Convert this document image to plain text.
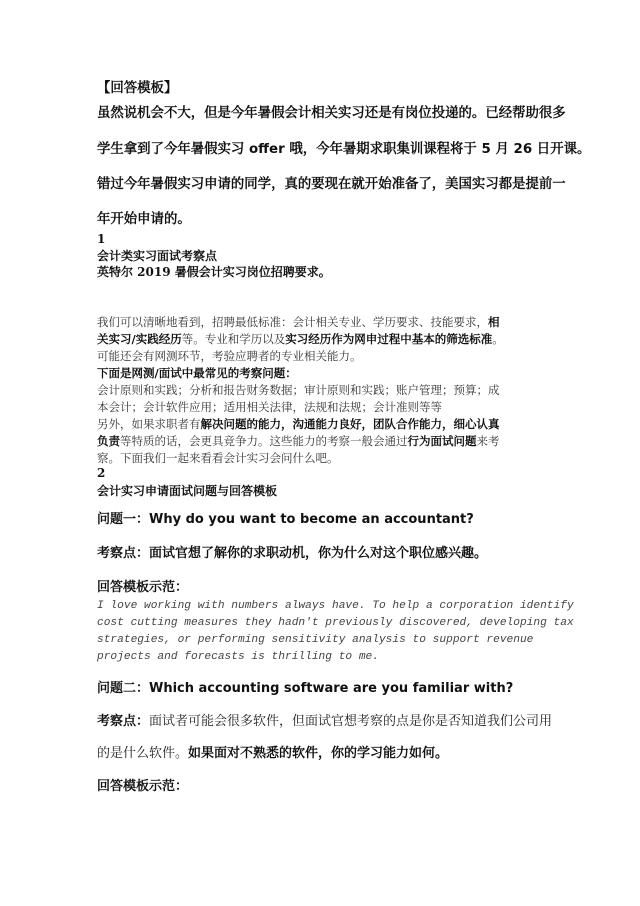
【回答模板】
虽然说机会不大，但是今年暑假会计相关实习还是有岗位投递的。已经帮助很多
学生拿到了今年暑假实习 offer 哦，今年暑期求职集训课程将于 5 月 26 日开课。
错过今年暑假实习申请的同学，真的要现在就开始准备了，美国实习都是提前一
年开始申请的。
1
会计类实习面试考察点
英特尔 2019 暑假会计实习岗位招聘要求。
我们可以清晰地看到，招聘最低标准：会计相关专业、学历要求、技能要求，相
关实习/实践经历等。专业和学历以及实习经历作为网申过程中基本的筛选标准。
可能还会有网测环节，考验应聘者的专业相关能力。
下面是网测/面试中最常见的考察问题：
会计原则和实践；分析和报告财务数据；审计原则和实践；账户管理；预算；成
本会计；会计软件应用；适用相关法律，法规和法规；会计准则等等
另外，如果求职者有解决问题的能力，沟通能力良好，团队合作能力，细心认真
负责等特质的话，会更具竞争力。这些能力的考察一般会通过行为面试问题来考
察。下面我们一起来看看会计实习会问什么吧。
2
会计实习申请面试问题与回答模板
问题一：Why do you want to become an accountant?
考察点：面试官想了解你的求职动机，你为什么对这个职位感兴趣。
回答模板示范：
I love working with numbers always have. To help a corporation identify
cost cutting measures they hadn't previously discovered, developing tax
strategies, or performing sensitivity analysis to support revenue
projects and forecasts is thrilling to me.
问题二：Which accounting software are you familiar with?
考察点：面试者可能会很多软件，但面试官想考察的点是你是否知道我们公司用
的是什么软件。如果面对不熟悉的软件，你的学习能力如何。
回答模板示范：
